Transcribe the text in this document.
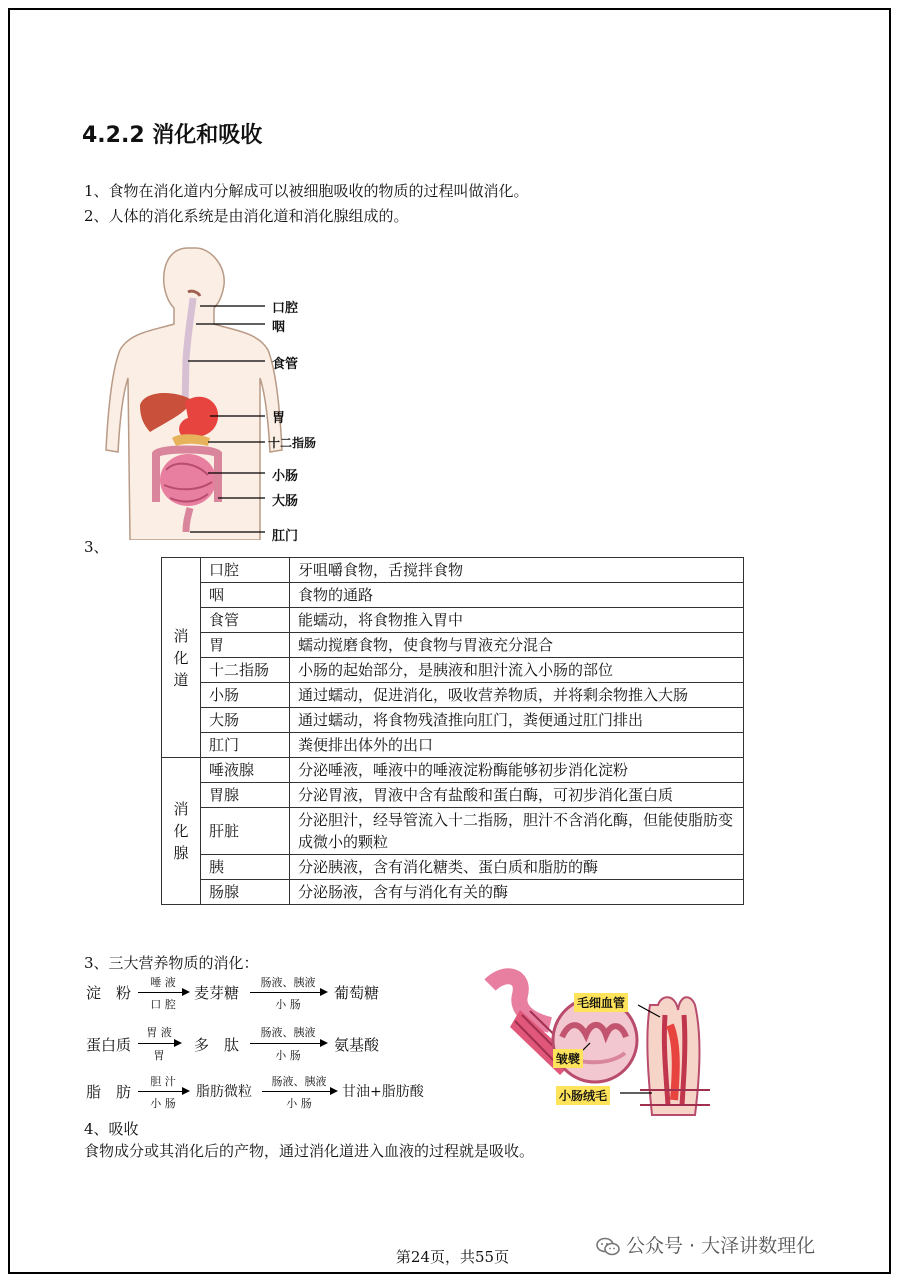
4.2.2 消化和吸收
1、食物在消化道内分解成可以被细胞吸收的物质的过程叫做消化。
2、人体的消化系统是由消化道和消化腺组成的。
口腔
咽
食管
胃
十二指肠
小肠
大肠
肛门
3、
消化道	口腔	牙咀嚼食物，舌搅拌食物
	咽	食物的通路
	食管	能蠕动，将食物推入胃中
	胃	蠕动搅磨食物，使食物与胃液充分混合
	十二指肠	小肠的起始部分，是胰液和胆汁流入小肠的部位
	小肠	通过蠕动，促进消化，吸收营养物质，并将剩余物推入大肠
	大肠	通过蠕动，将食物残渣推向肛门，粪便通过肛门排出
	肛门	粪便排出体外的出口
消化腺	唾液腺	分泌唾液，唾液中的唾液淀粉酶能够初步消化淀粉
	胃腺	分泌胃液，胃液中含有盐酸和蛋白酶，可初步消化蛋白质
	肝脏	分泌胆汁，经导管流入十二指肠，胆汁不含消化酶，但能使脂肪变成微小的颗粒
	胰	分泌胰液，含有消化糖类、蛋白质和脂肪的酶
	肠腺	分泌肠液，含有与消化有关的酶
3、三大营养物质的消化：
淀　粉
唾 液
口 腔
麦芽糖
肠液、胰液
小 肠
葡萄糖
蛋白质
胃 液
胃
多　肽
肠液、胰液
小 肠
氨基酸
脂　肪
胆 汁
小 肠
脂肪微粒
肠液、胰液
小 肠
甘油+脂肪酸
毛细血管
皱襞
小肠绒毛
4、吸收
食物成分或其消化后的产物，通过消化道进入血液的过程就是吸收。
第24页，共55页	公众号 · 大泽讲数理化
